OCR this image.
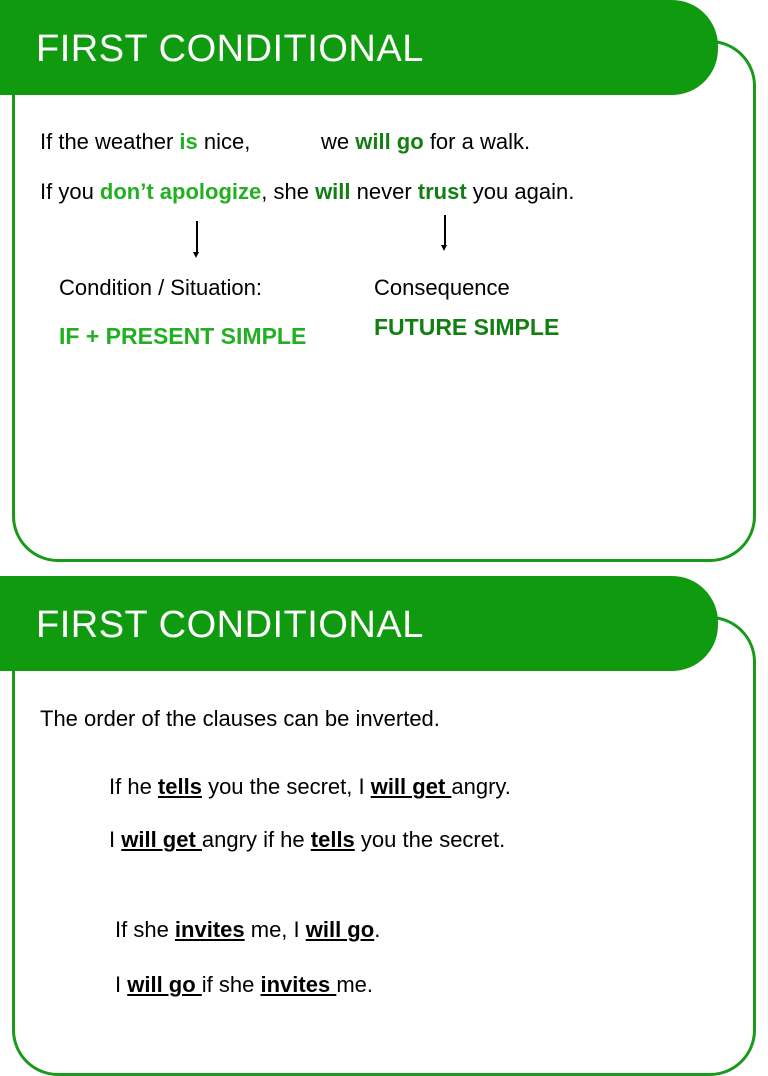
FIRST CONDITIONAL
If the weather is nice,	we will go for a walk.
If you don’t apologize, she will never trust you again.
Condition / Situation:
IF + PRESENT SIMPLE
Consequence
FUTURE SIMPLE
FIRST CONDITIONAL
The order of the clauses can be inverted.
If he tells you the secret, I will get angry.
I will get angry if he tells you the secret.
If she invites me, I will go.
I will go if she invites me.
